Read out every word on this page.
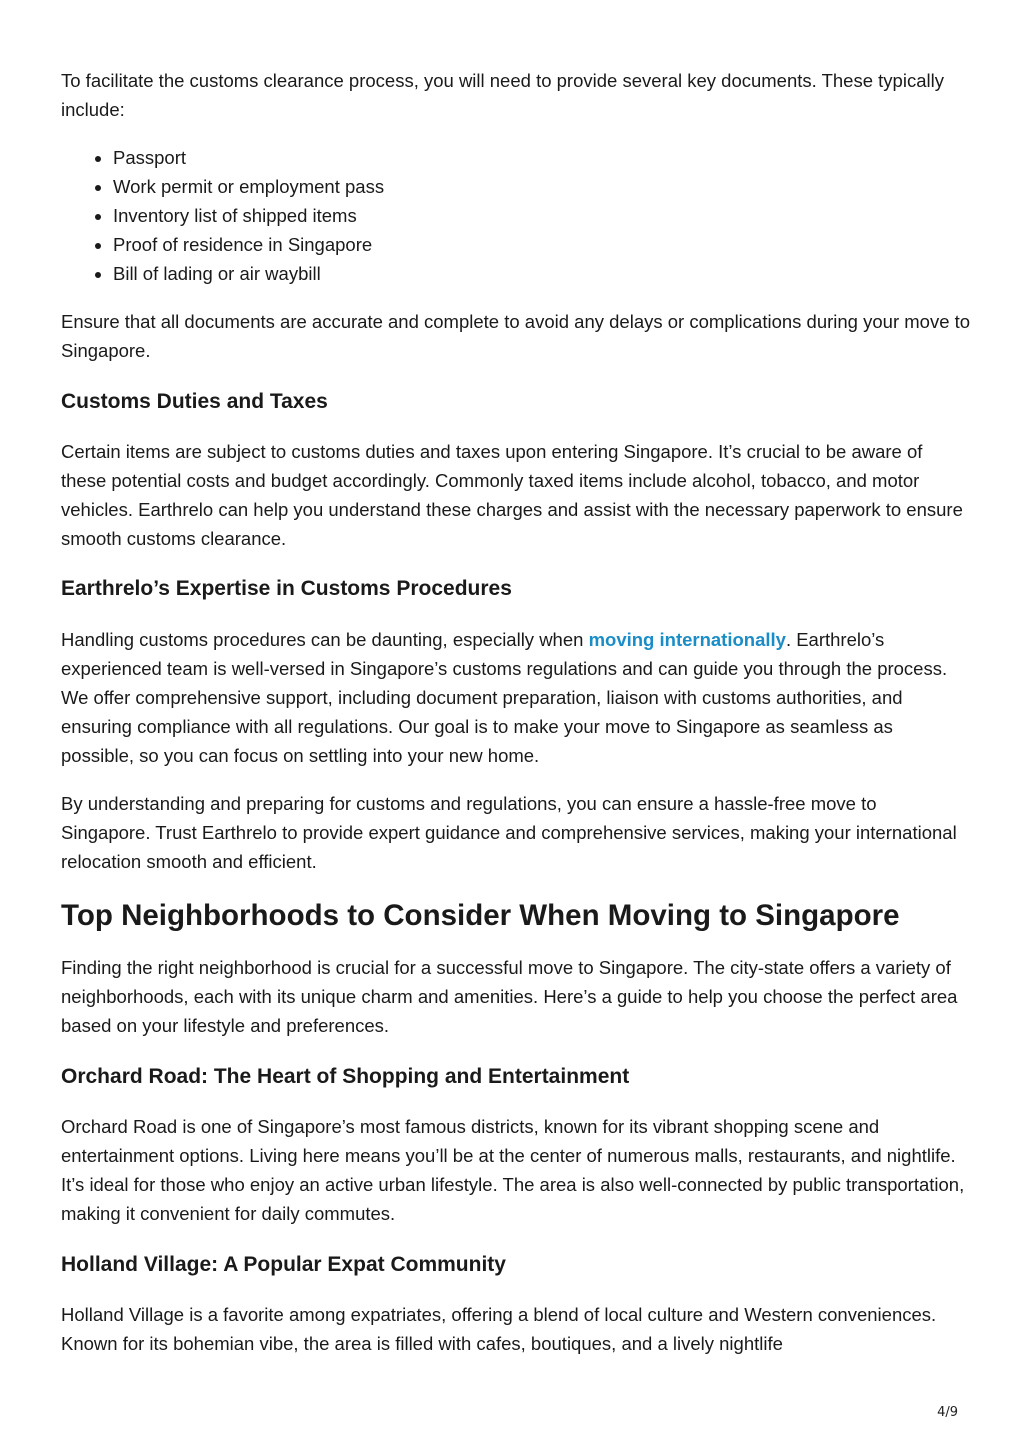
To facilitate the customs clearance process, you will need to provide several key documents. These typically include:

• Passport
• Work permit or employment pass
• Inventory list of shipped items
• Proof of residence in Singapore
• Bill of lading or air waybill

Ensure that all documents are accurate and complete to avoid any delays or complications during your move to Singapore.

Customs Duties and Taxes

Certain items are subject to customs duties and taxes upon entering Singapore. It’s crucial to be aware of these potential costs and budget accordingly. Commonly taxed items include alcohol, tobacco, and motor vehicles. Earthrelo can help you understand these charges and assist with the necessary paperwork to ensure smooth customs clearance.

Earthrelo’s Expertise in Customs Procedures

Handling customs procedures can be daunting, especially when moving internationally. Earthrelo’s experienced team is well-versed in Singapore’s customs regulations and can guide you through the process. We offer comprehensive support, including document preparation, liaison with customs authorities, and ensuring compliance with all regulations. Our goal is to make your move to Singapore as seamless as possible, so you can focus on settling into your new home.

By understanding and preparing for customs and regulations, you can ensure a hassle-free move to Singapore. Trust Earthrelo to provide expert guidance and comprehensive services, making your international relocation smooth and efficient.

Top Neighborhoods to Consider When Moving to Singapore

Finding the right neighborhood is crucial for a successful move to Singapore. The city-state offers a variety of neighborhoods, each with its unique charm and amenities. Here’s a guide to help you choose the perfect area based on your lifestyle and preferences.

Orchard Road: The Heart of Shopping and Entertainment

Orchard Road is one of Singapore’s most famous districts, known for its vibrant shopping scene and entertainment options. Living here means you’ll be at the center of numerous malls, restaurants, and nightlife. It’s ideal for those who enjoy an active urban lifestyle. The area is also well-connected by public transportation, making it convenient for daily commutes.

Holland Village: A Popular Expat Community

Holland Village is a favorite among expatriates, offering a blend of local culture and Western conveniences. Known for its bohemian vibe, the area is filled with cafes, boutiques, and a lively nightlife

4/9
